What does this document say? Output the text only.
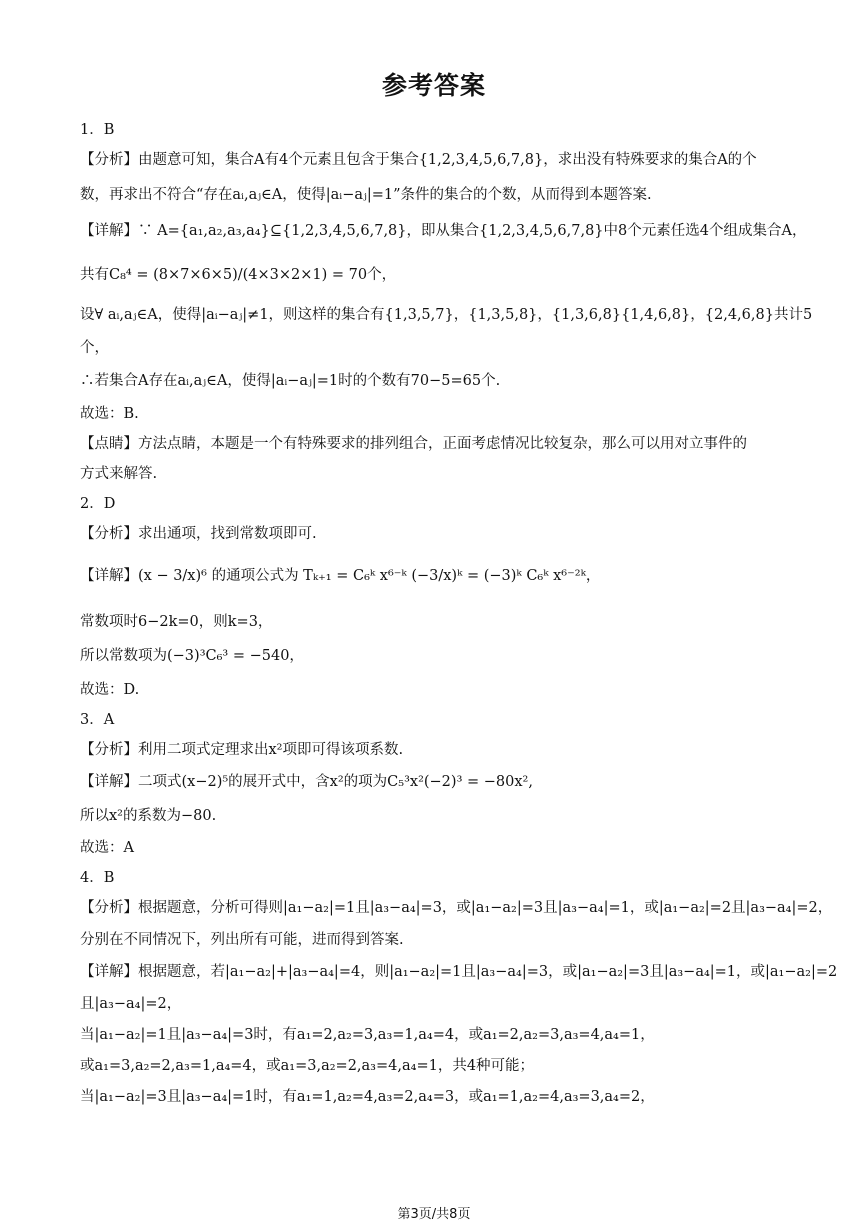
参考答案
1．B
【分析】由题意可知，集合A有4个元素且包含于集合{1,2,3,4,5,6,7,8}，求出没有特殊要求的集合A的个
数，再求出不符合“存在aᵢ,aⱼ∈A，使得|aᵢ−aⱼ|=1”条件的集合的个数，从而得到本题答案.
【详解】∵ A={a₁,a₂,a₃,a₄}⊆{1,2,3,4,5,6,7,8}，即从集合{1,2,3,4,5,6,7,8}中8个元素任选4个组成集合A，
共有C₈⁴ = (8×7×6×5)/(4×3×2×1) = 70个，
设∀ aᵢ,aⱼ∈A，使得|aᵢ−aⱼ|≠1，则这样的集合有{1,3,5,7}，{1,3,5,8}，{1,3,6,8}{1,4,6,8}，{2,4,6,8}共计5
个，
∴若集合A存在aᵢ,aⱼ∈A，使得|aᵢ−aⱼ|=1时的个数有70−5=65个.
故选：B.
【点睛】方法点睛，本题是一个有特殊要求的排列组合，正面考虑情况比较复杂，那么可以用对立事件的
方式来解答.
2．D
【分析】求出通项，找到常数项即可.
【详解】(x − 3/x)⁶ 的通项公式为 Tₖ₊₁ = C₆ᵏ x⁶⁻ᵏ (−3/x)ᵏ = (−3)ᵏ C₆ᵏ x⁶⁻²ᵏ，
常数项时6−2k=0，则k=3，
所以常数项为(−3)³C₆³ = −540，
故选：D.
3．A
【分析】利用二项式定理求出x²项即可得该项系数.
【详解】二项式(x−2)⁵的展开式中，含x²的项为C₅³x²(−2)³ = −80x²,
所以x²的系数为−80.
故选：A
4．B
【分析】根据题意，分析可得则|a₁−a₂|=1且|a₃−a₄|=3，或|a₁−a₂|=3且|a₃−a₄|=1，或|a₁−a₂|=2且|a₃−a₄|=2，
分别在不同情况下，列出所有可能，进而得到答案.
【详解】根据题意，若|a₁−a₂|+|a₃−a₄|=4，则|a₁−a₂|=1且|a₃−a₄|=3，或|a₁−a₂|=3且|a₃−a₄|=1，或|a₁−a₂|=2
且|a₃−a₄|=2，
当|a₁−a₂|=1且|a₃−a₄|=3时，有a₁=2,a₂=3,a₃=1,a₄=4，或a₁=2,a₂=3,a₃=4,a₄=1，
或a₁=3,a₂=2,a₃=1,a₄=4，或a₁=3,a₂=2,a₃=4,a₄=1，共4种可能；
当|a₁−a₂|=3且|a₃−a₄|=1时，有a₁=1,a₂=4,a₃=2,a₄=3，或a₁=1,a₂=4,a₃=3,a₄=2，
第3页/共8页
